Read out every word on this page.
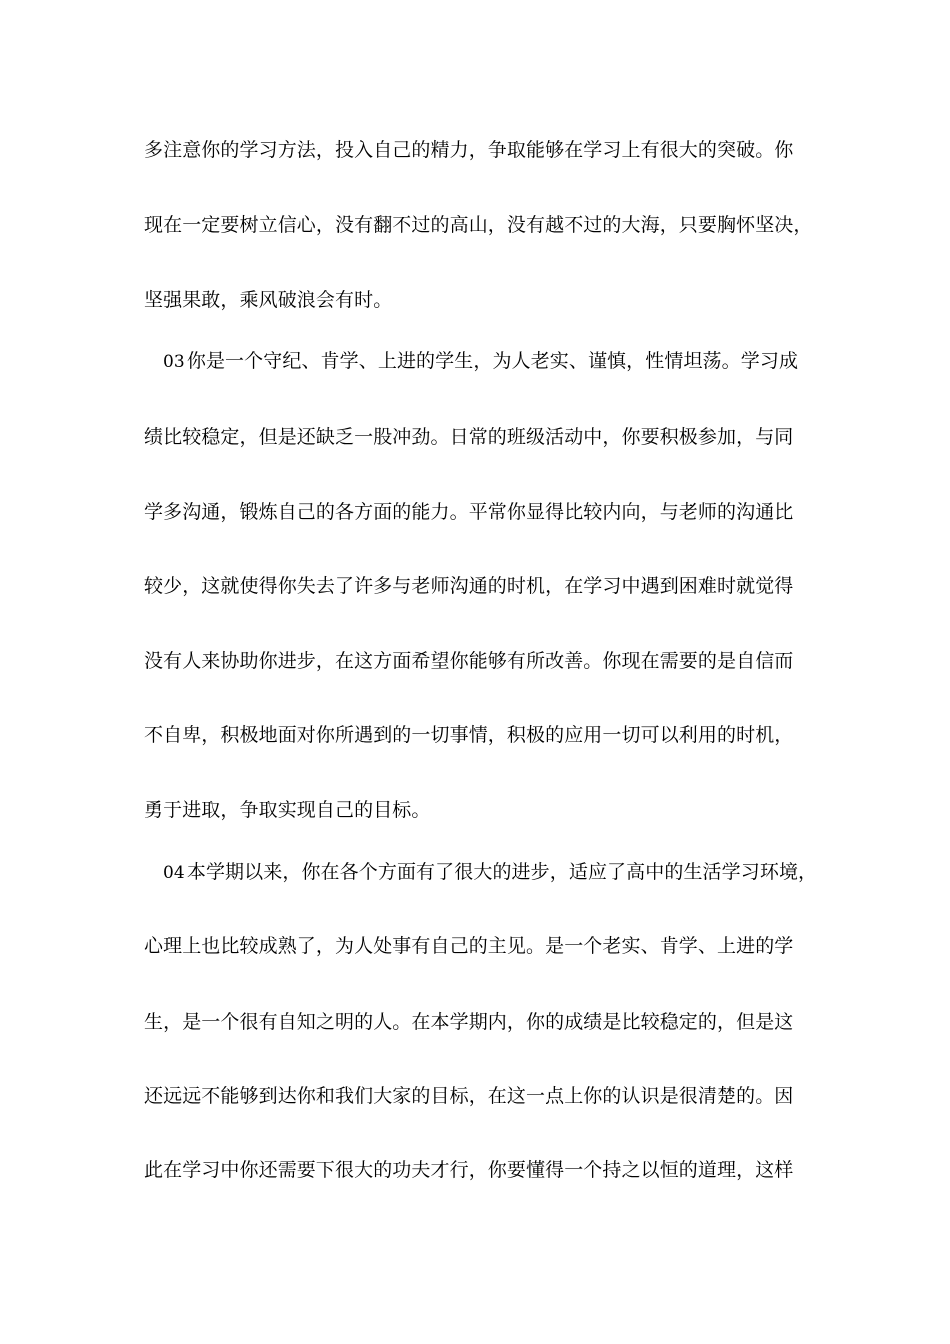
多注意你的学习方法，投入自己的精力，争取能够在学习上有很大的突破。你
现在一定要树立信心，没有翻不过的高山，没有越不过的大海，只要胸怀坚决，
坚强果敢，乘风破浪会有时。
03 你是一个守纪、肯学、上进的学生，为人老实、谨慎，性情坦荡。学习成
绩比较稳定，但是还缺乏一股冲劲。日常的班级活动中，你要积极参加，与同
学多沟通，锻炼自己的各方面的能力。平常你显得比较内向，与老师的沟通比
较少，这就使得你失去了许多与老师沟通的时机，在学习中遇到困难时就觉得
没有人来协助你进步，在这方面希望你能够有所改善。你现在需要的是自信而
不自卑，积极地面对你所遇到的一切事情，积极的应用一切可以利用的时机，
勇于进取，争取实现自己的目标。
04 本学期以来，你在各个方面有了很大的进步，适应了高中的生活学习环境，
心理上也比较成熟了，为人处事有自己的主见。是一个老实、肯学、上进的学
生，是一个很有自知之明的人。在本学期内，你的成绩是比较稳定的，但是这
还远远不能够到达你和我们大家的目标，在这一点上你的认识是很清楚的。因
此在学习中你还需要下很大的功夫才行，你要懂得一个持之以恒的道理，这样
